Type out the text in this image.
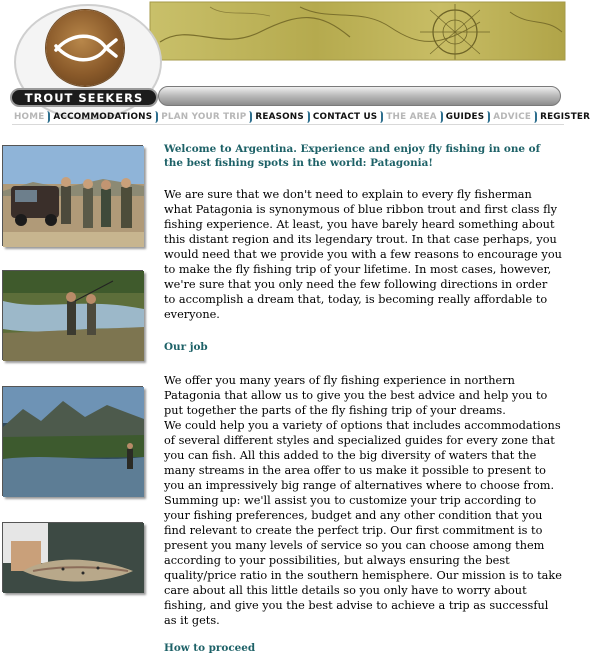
TROUT SEEKERS
HOME	ACCOMMODATIONS	PLAN YOUR TRIP	REASONS	CONTACT US	THE AREA	GUIDES	ADVICE	REGISTER

Welcome to Argentina. Experience and enjoy fly fishing in one of the best fishing spots in the world: Patagonia!

We are sure that we don't need to explain to every fly fisherman what Patagonia is synonymous of blue ribbon trout and first class fly fishing experience. At least, you have barely heard something about this distant region and its legendary trout. In that case perhaps, you would need that we provide you with a few reasons to encourage you to make the fly fishing trip of your lifetime. In most cases, however, we're sure that you only need the few following directions in order to accomplish a dream that, today, is becoming really affordable to everyone.

Our job

We offer you many years of fly fishing experience in northern Patagonia that allow us to give you the best advice and help you to put together the parts of the fly fishing trip of your dreams.

We could help you a variety of options that includes accommodations of several different styles and specialized guides for every zone that you can fish. All this added to the big diversity of waters that the many streams in the area offer to us make it possible to present to you an impressively big range of alternatives where to choose from.

Summing up: we'll assist you to customize your trip according to your fishing preferences, budget and any other condition that you find relevant to create the perfect trip. Our first commitment is to present you many levels of service so you can choose among them according to your possibilities, but always ensuring the best quality/price ratio in the southern hemisphere. Our mission is to take care about all this little details so you only have to worry about fishing, and give you the best advise to achieve a trip as successful as it gets.

How to proceed
